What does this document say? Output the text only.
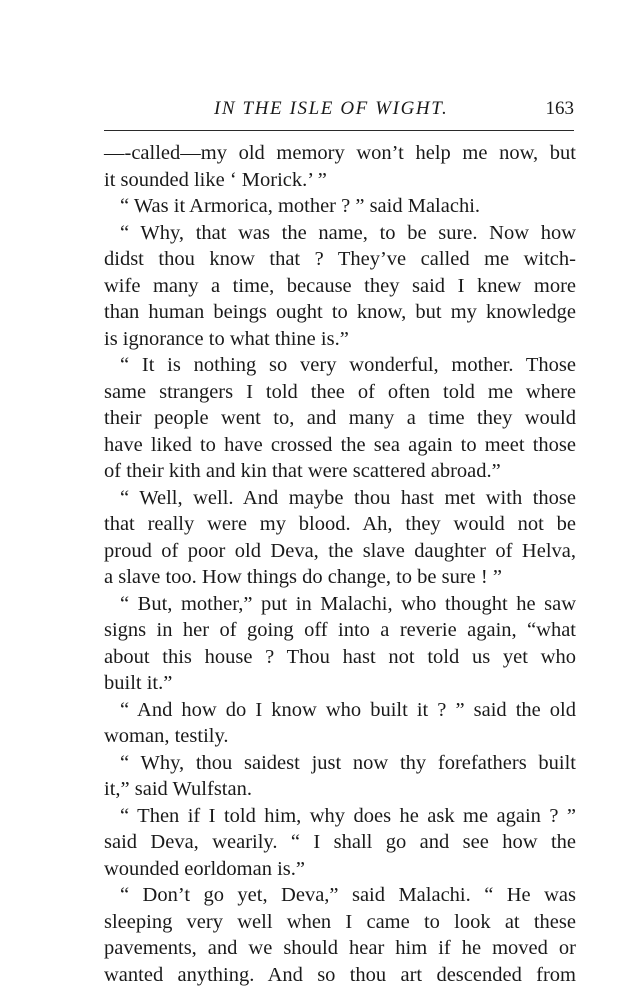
IN THE ISLE OF WIGHT.	163
—-called—my old memory won’t help me now, but
it sounded like ‘ Morick.’ ”
“ Was it Armorica, mother ? ” said Malachi.
“ Why, that was the name, to be sure. Now how
didst thou know that ? They’ve called me witch-
wife many a time, because they said I knew more
than human beings ought to know, but my knowledge
is ignorance to what thine is.”
“ It is nothing so very wonderful, mother. Those
same strangers I told thee of often told me where
their people went to, and many a time they would
have liked to have crossed the sea again to meet those
of their kith and kin that were scattered abroad.”
“ Well, well. And maybe thou hast met with those
that really were my blood. Ah, they would not be
proud of poor old Deva, the slave daughter of Helva,
a slave too. How things do change, to be sure ! ”
“ But, mother,” put in Malachi, who thought he saw
signs in her of going off into a reverie again, “what
about this house ? Thou hast not told us yet who
built it.”
“ And how do I know who built it ? ” said the old
woman, testily.
“ Why, thou saidest just now thy forefathers built
it,” said Wulfstan.
“ Then if I told him, why does he ask me again ? ”
said Deva, wearily. “ I shall go and see how the
wounded eorldoman is.”
“ Don’t go yet, Deva,” said Malachi. “ He was
sleeping very well when I came to look at these
pavements, and we should hear him if he moved or
wanted anything. And so thou art descended from
